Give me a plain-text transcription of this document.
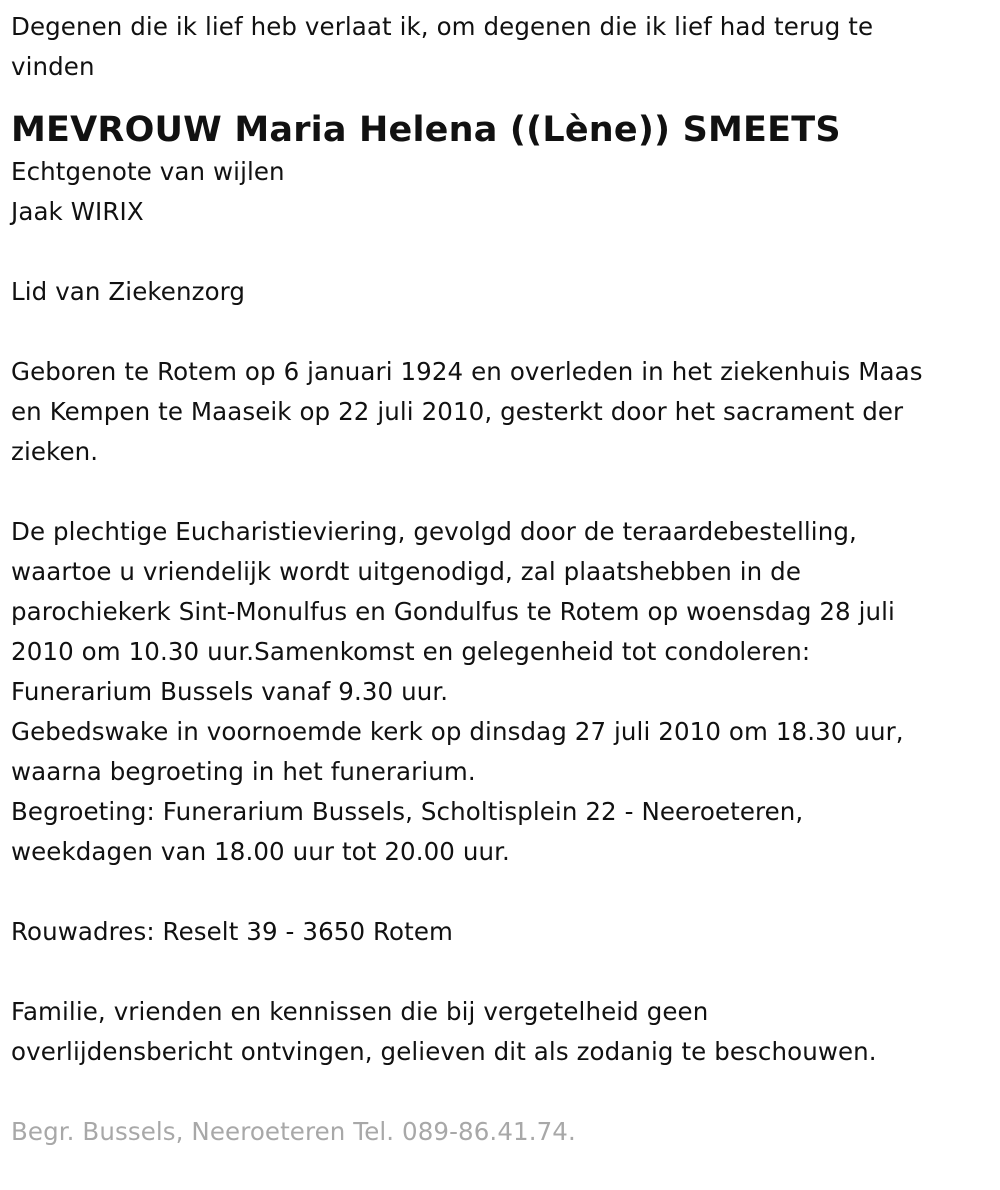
Degenen die ik lief heb verlaat ik, om degenen die ik lief had terug te
vinden

MEVROUW Maria Helena ((Lène)) SMEETS

Echtgenote van wijlen
Jaak WIRIX

Lid van Ziekenzorg

Geboren te Rotem op 6 januari 1924 en overleden in het ziekenhuis Maas
en Kempen te Maaseik op 22 juli 2010, gesterkt door het sacrament der
zieken.

De plechtige Eucharistieviering, gevolgd door de teraardebestelling,
waartoe u vriendelijk wordt uitgenodigd, zal plaatshebben in de
parochiekerk Sint-Monulfus en Gondulfus te Rotem op woensdag 28 juli
2010 om 10.30 uur.Samenkomst en gelegenheid tot condoleren:
Funerarium Bussels vanaf 9.30 uur.
Gebedswake in voornoemde kerk op dinsdag 27 juli 2010 om 18.30 uur,
waarna begroeting in het funerarium.
Begroeting: Funerarium Bussels, Scholtisplein 22 - Neeroeteren,
weekdagen van 18.00 uur tot 20.00 uur.

Rouwadres: Reselt 39 - 3650 Rotem

Familie, vrienden en kennissen die bij vergetelheid geen
overlijdensbericht ontvingen, gelieven dit als zodanig te beschouwen.

Begr. Bussels, Neeroeteren Tel. 089-86.41.74.
